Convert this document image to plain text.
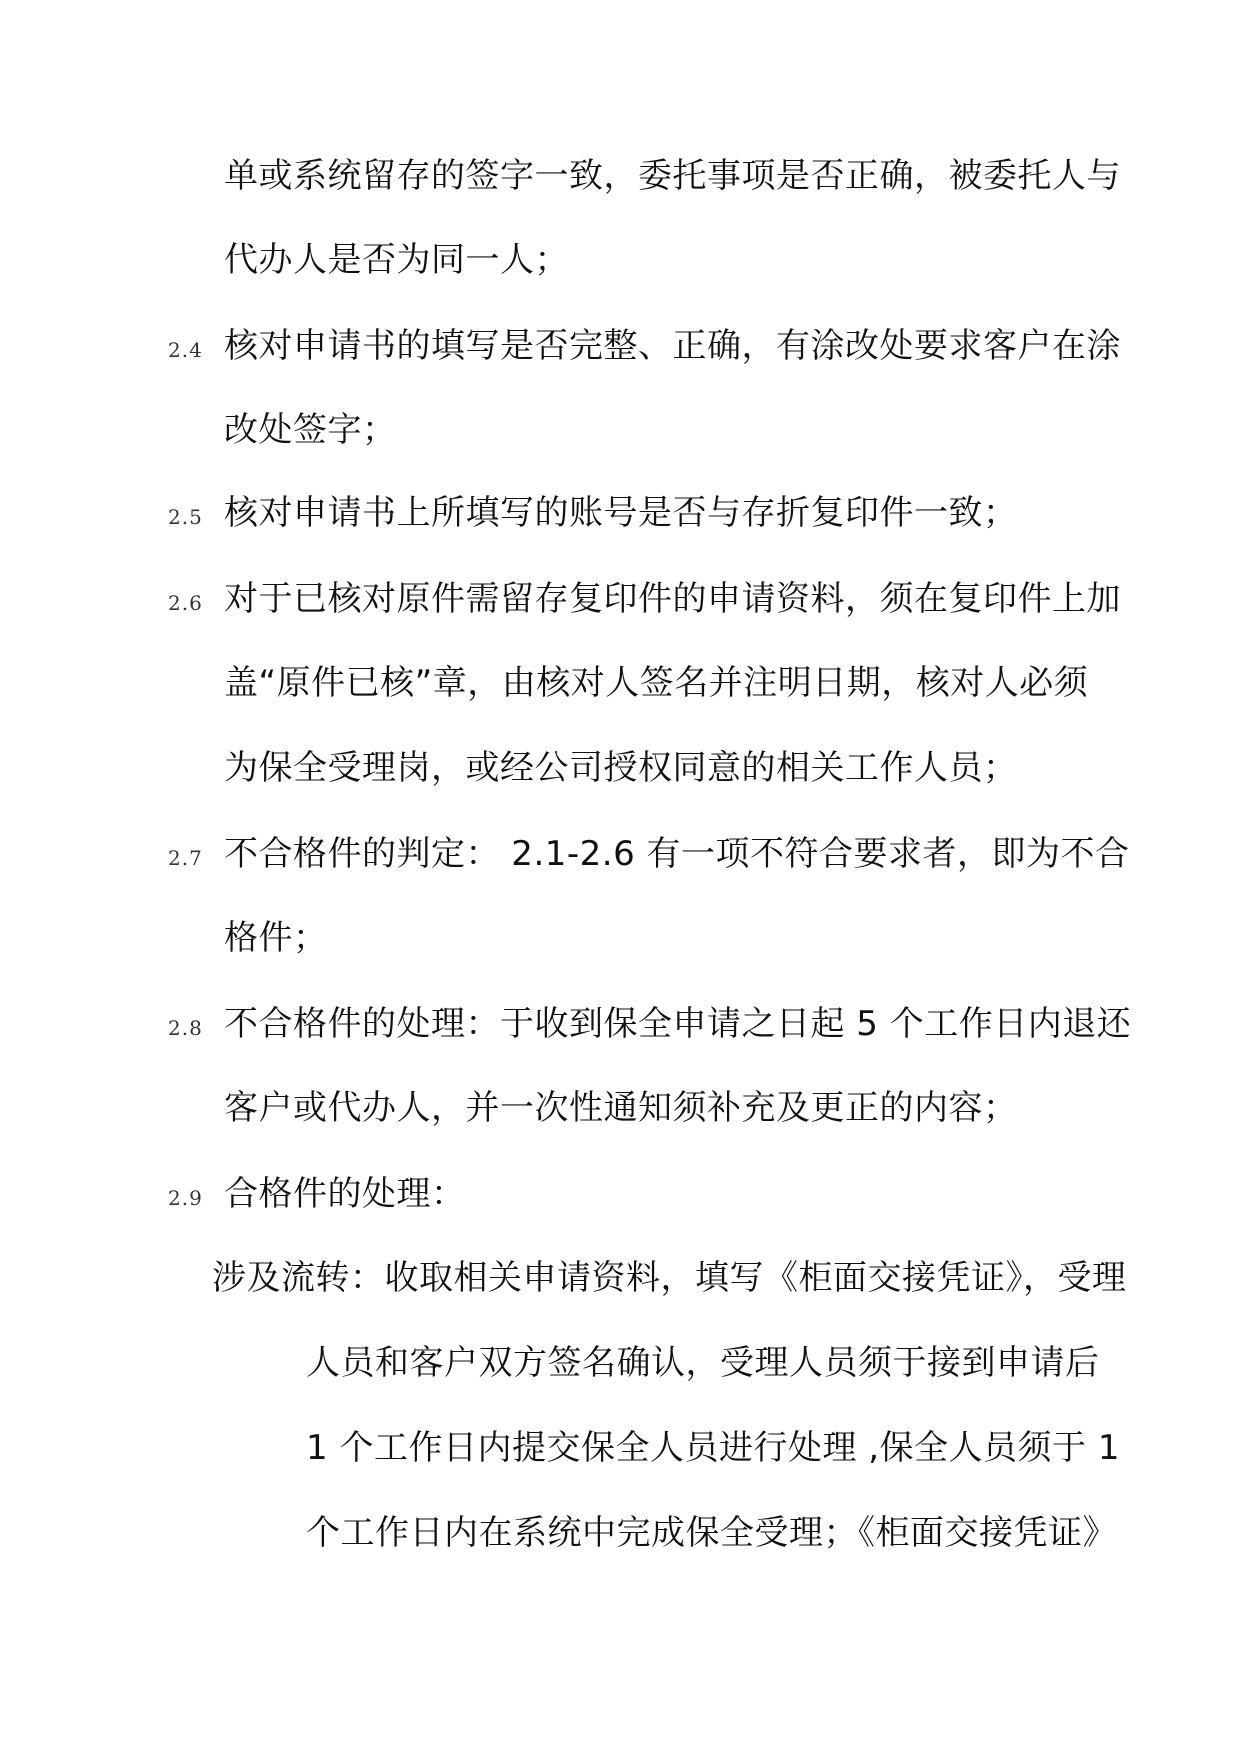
单或系统留存的签字一致，委托事项是否正确，被委托人与
代办人是否为同一人；
2.4 核对申请书的填写是否完整、正确，有涂改处要求客户在涂
改处签字；
2.5 核对申请书上所填写的账号是否与存折复印件一致；
2.6 对于已核对原件需留存复印件的申请资料，须在复印件上加
盖“原件已核”章，由核对人签名并注明日期，核对人必须
为保全受理岗，或经公司授权同意的相关工作人员；
2.7 不合格件的判定： 2.1-2.6 有一项不符合要求者，即为不合
格件；
2.8 不合格件的处理：于收到保全申请之日起 5 个工作日内退还
客户或代办人，并一次性通知须补充及更正的内容；
2.9 合格件的处理：
涉及流转：收取相关申请资料，填写《柜面交接凭证》，受理
人员和客户双方签名确认，受理人员须于接到申请后
1 个工作日内提交保全人员进行处理 ,保全人员须于 1
个工作日内在系统中完成保全受理；《柜面交接凭证》
